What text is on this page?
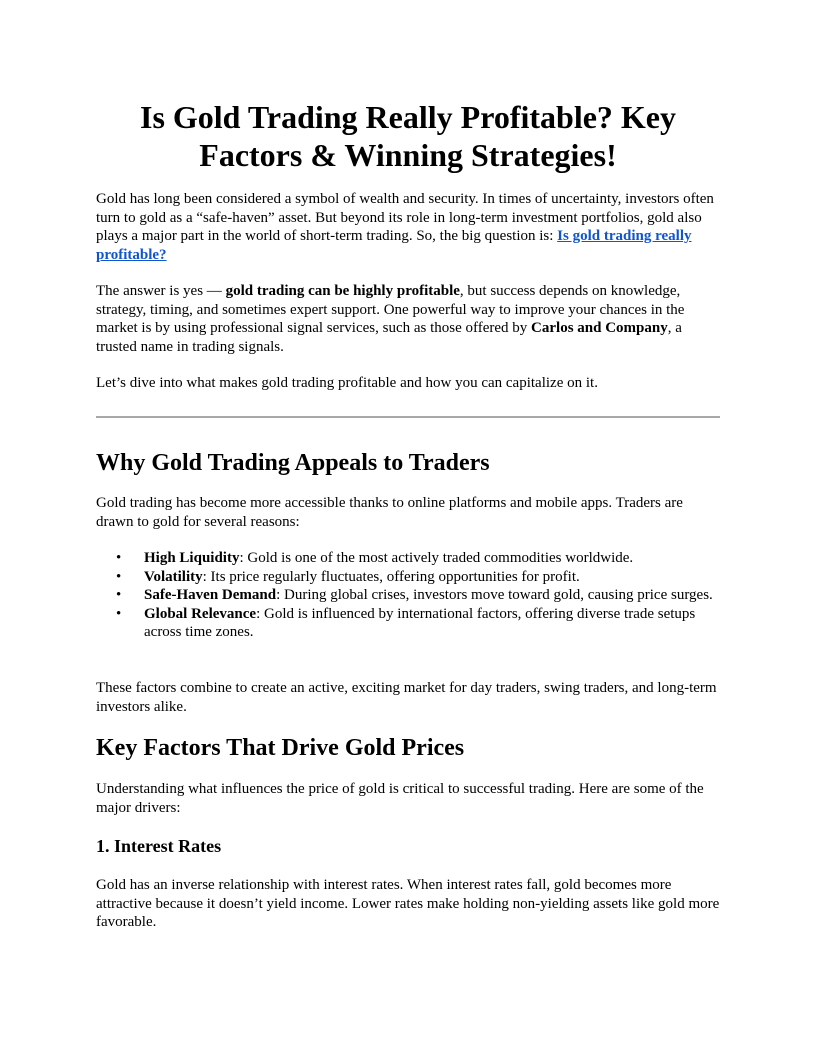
Is Gold Trading Really Profitable? Key Factors & Winning Strategies!

Gold has long been considered a symbol of wealth and security. In times of uncertainty, investors often turn to gold as a “safe-haven” asset. But beyond its role in long-term investment portfolios, gold also plays a major part in the world of short-term trading. So, the big question is: Is gold trading really profitable?

The answer is yes — gold trading can be highly profitable, but success depends on knowledge, strategy, timing, and sometimes expert support. One powerful way to improve your chances in the market is by using professional signal services, such as those offered by Carlos and Company, a trusted name in trading signals.

Let’s dive into what makes gold trading profitable and how you can capitalize on it.

Why Gold Trading Appeals to Traders

Gold trading has become more accessible thanks to online platforms and mobile apps. Traders are drawn to gold for several reasons:

• High Liquidity: Gold is one of the most actively traded commodities worldwide.
• Volatility: Its price regularly fluctuates, offering opportunities for profit.
• Safe-Haven Demand: During global crises, investors move toward gold, causing price surges.
• Global Relevance: Gold is influenced by international factors, offering diverse trade setups across time zones.

These factors combine to create an active, exciting market for day traders, swing traders, and long-term investors alike.

Key Factors That Drive Gold Prices

Understanding what influences the price of gold is critical to successful trading. Here are some of the major drivers:

1. Interest Rates

Gold has an inverse relationship with interest rates. When interest rates fall, gold becomes more attractive because it doesn’t yield income. Lower rates make holding non-yielding assets like gold more favorable.
